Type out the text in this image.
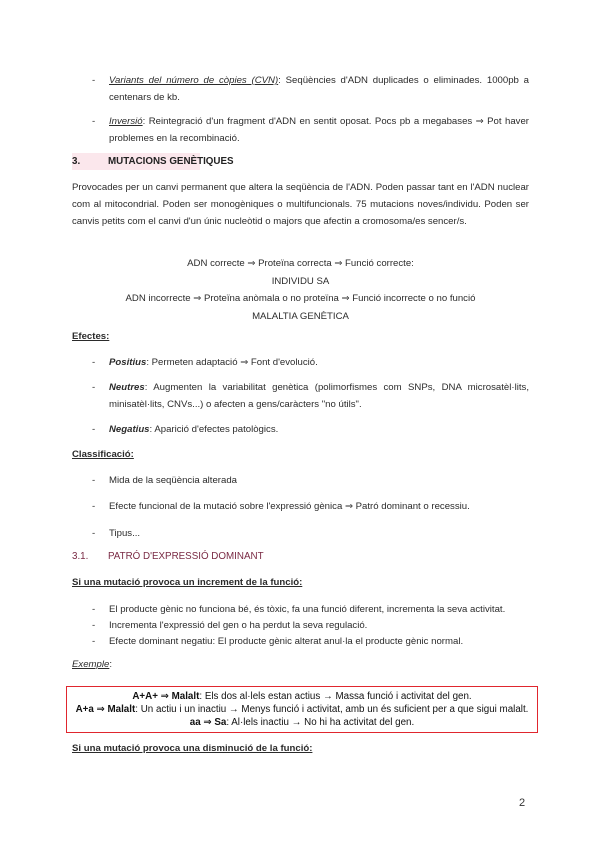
- Variants del número de còpies (CVN): Seqüències d'ADN duplicades o eliminades. 1000pb a centenars de kb.
- Inversió: Reintegració d'un fragment d'ADN en sentit oposat. Pocs pb a megabases ⇒ Pot haver problemes en la recombinació.
3.	MUTACIONS GENÈTIQUES
Provocades per un canvi permanent que altera la seqüència de l'ADN. Poden passar tant en l'ADN nuclear com al mitocondrial. Poden ser monogèniques o multifuncionals. 75 mutacions noves/individu. Poden ser canvis petits com el canvi d'un únic nucleòtid o majors que afectin a cromosoma/es sencer/s.
ADN correcte ⇒ Proteïna correcta ⇒ Funció correcte:
INDIVIDU SA
ADN incorrecte ⇒ Proteïna anòmala o no proteïna ⇒ Funció incorrecte o no funció
MALALTIA GENÈTICA
Efectes:
- Positius: Permeten adaptació ⇒ Font d'evolució.
- Neutres: Augmenten la variabilitat genètica (polimorfismes com SNPs, DNA microsatèl·lits, minisatèl·lits, CNVs...) o afecten a gens/caràcters "no útils".
- Negatius: Aparició d'efectes patològics.
Classificació:
- Mida de la seqüència alterada
- Efecte funcional de la mutació sobre l'expressió gènica ⇒ Patró dominant o recessiu.
- Tipus...
3.1. PATRÓ D'EXPRESSIÓ DOMINANT
Si una mutació provoca un increment de la funció:
- El producte gènic no funciona bé, és tòxic, fa una funció diferent, incrementa la seva activitat.
- Incrementa l'expressió del gen o ha perdut la seva regulació.
- Efecte dominant negatiu: El producte gènic alterat anul·la el producte gènic normal.
Exemple:
A+A+ ⇒ Malalt: Els dos al·lels estan actius → Massa funció i activitat del gen.
A+a ⇒ Malalt: Un actiu i un inactiu → Menys funció i activitat, amb un és suficient per a que sigui malalt.
aa ⇒ Sa: Al·lels inactiu → No hi ha activitat del gen.
Si una mutació provoca una disminució de la funció:
2
